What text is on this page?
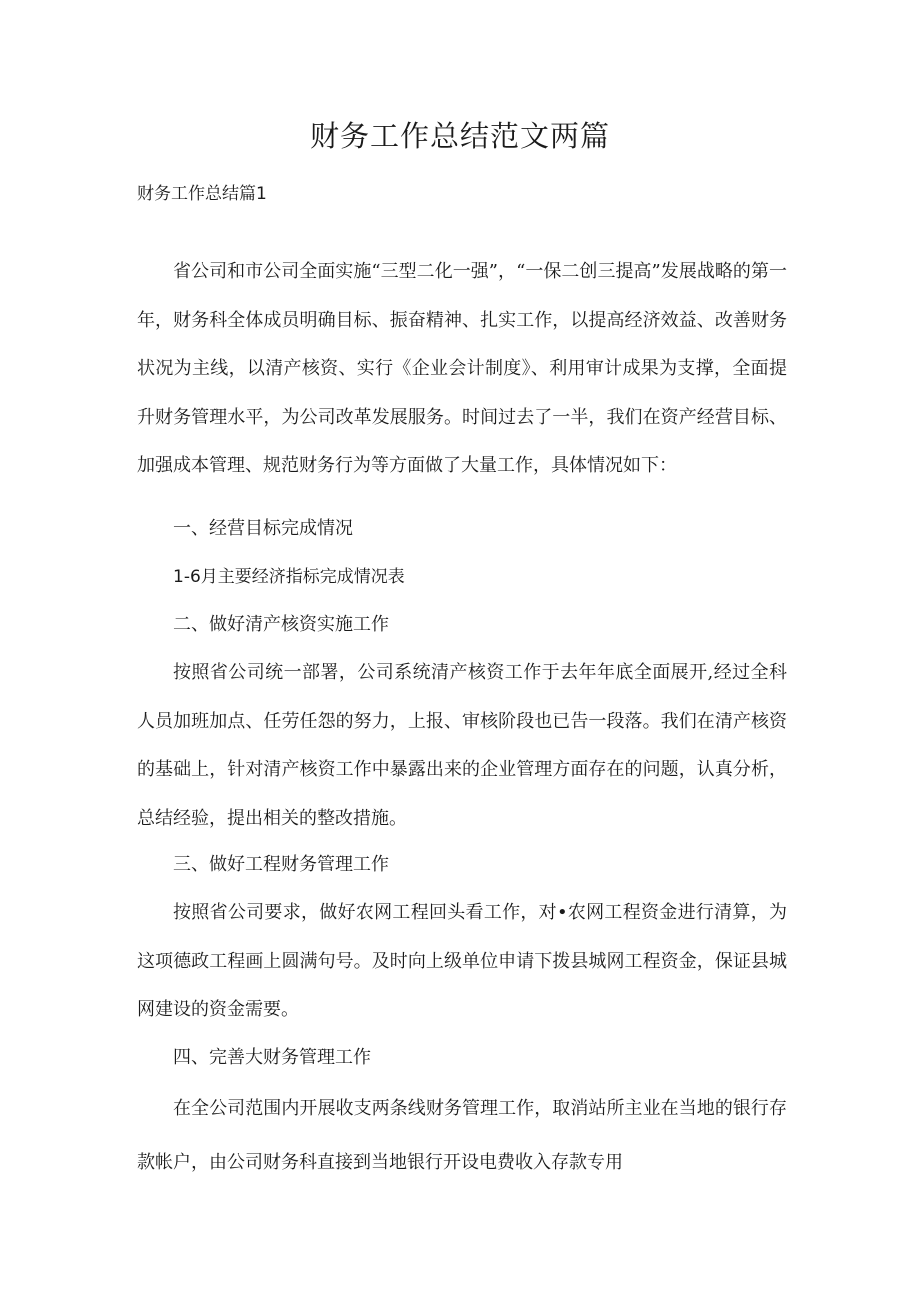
财务工作总结范文两篇
财务工作总结篇1

省公司和市公司全面实施“三型二化一强”，“一保二创三提高”发展战略的第一年，财务科全体成员明确目标、振奋精神、扎实工作，以提高经济效益、改善财务状况为主线，以清产核资、实行《企业会计制度》、利用审计成果为支撑，全面提升财务管理水平，为公司改革发展服务。时间过去了一半，我们在资产经营目标、加强成本管理、规范财务行为等方面做了大量工作，具体情况如下：

一、经营目标完成情况

1-6月主要经济指标完成情况表

二、做好清产核资实施工作

按照省公司统一部署，公司系统清产核资工作于去年年底全面展开,经过全科人员加班加点、任劳任怨的努力，上报、审核阶段也已告一段落。我们在清产核资的基础上，针对清产核资工作中暴露出来的企业管理方面存在的问题，认真分析，总结经验，提出相关的整改措施。

三、做好工程财务管理工作

按照省公司要求，做好农网工程回头看工作，对•农网工程资金进行清算，为这项德政工程画上圆满句号。及时向上级单位申请下拨县城网工程资金，保证县城网建设的资金需要。

四、完善大财务管理工作

在全公司范围内开展收支两条线财务管理工作，取消站所主业在当地的银行存款帐户，由公司财务科直接到当地银行开设电费收入存款专用
